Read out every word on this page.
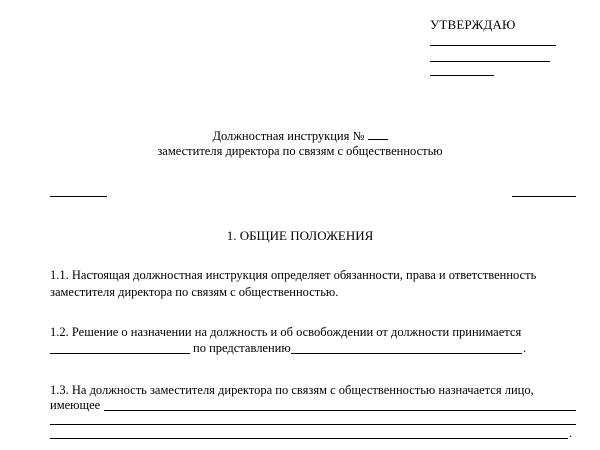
УТВЕРЖДАЮ
Должностная инструкция №
заместителя директора по связям с общественностью
1. ОБЩИЕ ПОЛОЖЕНИЯ
1.1. Настоящая должностная инструкция определяет обязанности, права и ответственность
заместителя директора по связям с общественностью.
1.2. Решение о назначении на должность и об освобождении от должности принимается
по представлению	.
1.3. На должность заместителя директора по связям с общественностью назначается лицо,
имеющее
.
